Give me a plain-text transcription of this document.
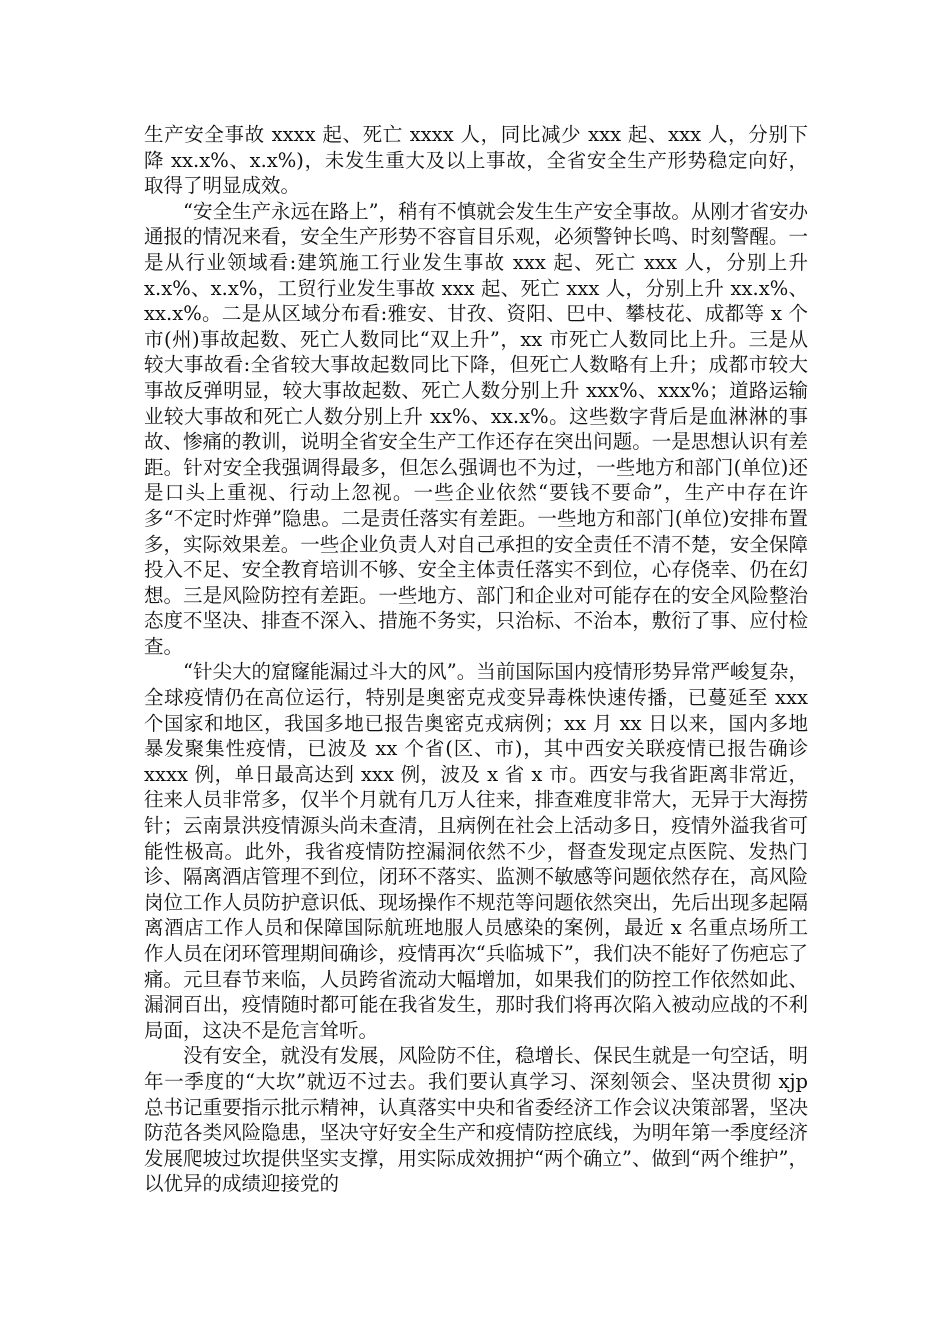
生产安全事故 xxxx 起、死亡 xxxx 人，同比减少 xxx 起、xxx 人，分别下降 xx.x%、x.x%)，未发生重大及以上事故，全省安全生产形势稳定向好，取得了明显成效。

“安全生产永远在路上”，稍有不慎就会发生生产安全事故。从刚才省安办通报的情况来看，安全生产形势不容盲目乐观，必须警钟长鸣、时刻警醒。一是从行业领域看:建筑施工行业发生事故 xxx 起、死亡 xxx 人，分别上升 x.x%、x.x%，工贸行业发生事故 xxx 起、死亡 xxx 人，分别上升 xx.x%、xx.x%。二是从区域分布看:雅安、甘孜、资阳、巴中、攀枝花、成都等 x 个市(州)事故起数、死亡人数同比“双上升”，xx 市死亡人数同比上升。三是从较大事故看:全省较大事故起数同比下降，但死亡人数略有上升；成都市较大事故反弹明显，较大事故起数、死亡人数分别上升 xxx%、xxx%；道路运输业较大事故和死亡人数分别上升 xx%、xx.x%。这些数字背后是血淋淋的事故、惨痛的教训，说明全省安全生产工作还存在突出问题。一是思想认识有差距。针对安全我强调得最多，但怎么强调也不为过，一些地方和部门(单位)还是口头上重视、行动上忽视。一些企业依然“要钱不要命”，生产中存在许多“不定时炸弹”隐患。二是责任落实有差距。一些地方和部门(单位)安排布置多，实际效果差。一些企业负责人对自己承担的安全责任不清不楚，安全保障投入不足、安全教育培训不够、安全主体责任落实不到位，心存侥幸、仍在幻想。三是风险防控有差距。一些地方、部门和企业对可能存在的安全风险整治态度不坚决、排查不深入、措施不务实，只治标、不治本，敷衍了事、应付检查。

“针尖大的窟窿能漏过斗大的风”。当前国际国内疫情形势异常严峻复杂，全球疫情仍在高位运行，特别是奥密克戎变异毒株快速传播，已蔓延至 xxx 个国家和地区，我国多地已报告奥密克戎病例；xx 月 xx 日以来，国内多地暴发聚集性疫情，已波及 xx 个省(区、市)，其中西安关联疫情已报告确诊 xxxx 例，单日最高达到 xxx 例，波及 x 省 x 市。西安与我省距离非常近，往来人员非常多，仅半个月就有几万人往来，排查难度非常大，无异于大海捞针；云南景洪疫情源头尚未查清，且病例在社会上活动多日，疫情外溢我省可能性极高。此外，我省疫情防控漏洞依然不少，督查发现定点医院、发热门诊、隔离酒店管理不到位，闭环不落实、监测不敏感等问题依然存在，高风险岗位工作人员防护意识低、现场操作不规范等问题依然突出，先后出现多起隔离酒店工作人员和保障国际航班地服人员感染的案例，最近 x 名重点场所工作人员在闭环管理期间确诊，疫情再次“兵临城下”，我们决不能好了伤疤忘了痛。元旦春节来临，人员跨省流动大幅增加，如果我们的防控工作依然如此、漏洞百出，疫情随时都可能在我省发生，那时我们将再次陷入被动应战的不利局面，这决不是危言耸听。

没有安全，就没有发展，风险防不住，稳增长、保民生就是一句空话，明年一季度的“大坎”就迈不过去。我们要认真学习、深刻领会、坚决贯彻 xjp 总书记重要指示批示精神，认真落实中央和省委经济工作会议决策部署，坚决防范各类风险隐患，坚决守好安全生产和疫情防控底线，为明年第一季度经济发展爬坡过坎提供坚实支撑，用实际成效拥护“两个确立”、做到“两个维护”，以优异的成绩迎接党的
